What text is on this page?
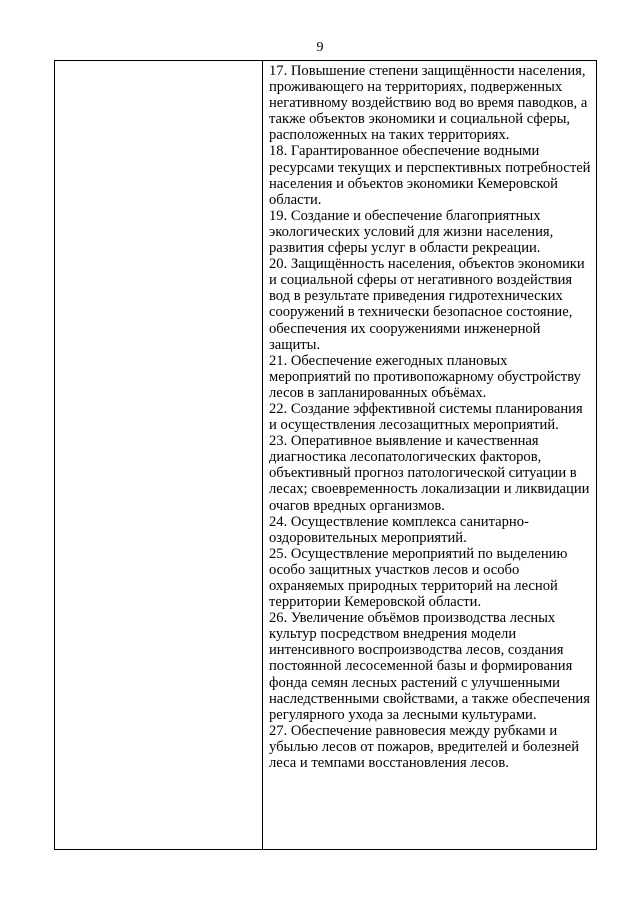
9

17. Повышение степени защищённости населения, проживающего на территориях, подверженных негативному воздействию вод во время паводков, а также объектов экономики и социальной сферы, расположенных на таких территориях.

18. Гарантированное обеспечение водными ресурсами текущих и перспективных потребностей населения и объектов экономики Кемеровской области.

19. Создание и обеспечение благоприятных экологических условий для жизни населения, развития сферы услуг в области рекреации.

20. Защищённость населения, объектов экономики и социальной сферы от негативного воздействия вод в результате приведения гидротехнических сооружений в технически безопасное состояние, обеспечения их сооружениями инженерной защиты.

21. Обеспечение ежегодных плановых мероприятий по противопожарному обустройству лесов в запланированных объёмах.

22. Создание эффективной системы планирования и осуществления лесозащитных мероприятий.

23. Оперативное выявление и качественная диагностика лесопатологических факторов, объективный прогноз патологической ситуации в лесах; своевременность локализации и ликвидации очагов вредных организмов.

24. Осуществление комплекса санитарно-оздоровительных мероприятий.

25. Осуществление мероприятий по выделению особо защитных участков лесов и особо охраняемых природных территорий на лесной территории Кемеровской области.

26. Увеличение объёмов производства лесных культур посредством внедрения модели интенсивного воспроизводства лесов, создания постоянной лесосеменной базы и формирования фонда семян лесных растений с улучшенными наследственными свойствами, а также обеспечения регулярного ухода за лесными культурами.

27. Обеспечение равновесия между рубками и убылью лесов от пожаров, вредителей и болезней леса и темпами восстановления лесов.
